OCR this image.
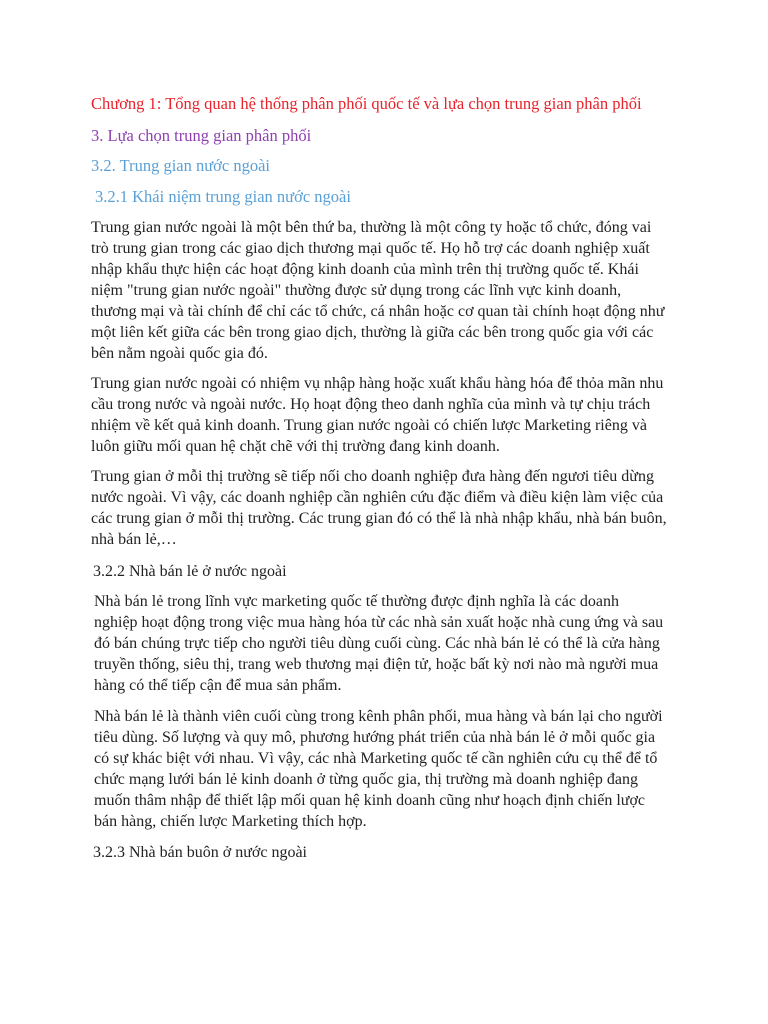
Chương 1: Tổng quan hệ thống phân phối quốc tế và lựa chọn trung gian phân phối
3. Lựa chọn trung gian phân phối
3.2. Trung gian nước ngoài
3.2.1 Khái niệm trung gian nước ngoài
Trung gian nước ngoài là một bên thứ ba, thường là một công ty hoặc tổ chức, đóng vai
trò trung gian trong các giao dịch thương mại quốc tế. Họ hỗ trợ các doanh nghiệp xuất
nhập khẩu thực hiện các hoạt động kinh doanh của mình trên thị trường quốc tế. Khái
niệm "trung gian nước ngoài" thường được sử dụng trong các lĩnh vực kinh doanh,
thương mại và tài chính để chỉ các tổ chức, cá nhân hoặc cơ quan tài chính hoạt động như
một liên kết giữa các bên trong giao dịch, thường là giữa các bên trong quốc gia với các
bên nằm ngoài quốc gia đó.
Trung gian nước ngoài có nhiệm vụ nhập hàng hoặc xuất khẩu hàng hóa để thỏa mãn nhu
cầu trong nước và ngoài nước. Họ hoạt động theo danh nghĩa của mình và tự chịu trách
nhiệm về kết quả kinh doanh. Trung gian nước ngoài có chiến lược Marketing riêng và
luôn giữu mối quan hệ chặt chẽ với thị trường đang kinh doanh.
Trung gian ở mỗi thị trường sẽ tiếp nối cho doanh nghiệp đưa hàng đến ngươi tiêu dừng
nước ngoài. Vì vậy, các doanh nghiệp cần nghiên cứu đặc điểm và điều kiện làm việc của
các trung gian ở mỗi thị trường. Các trung gian đó có thể là nhà nhập khẩu, nhà bán buôn,
nhà bán lẻ,…
3.2.2 Nhà bán lẻ ở nước ngoài
Nhà bán lẻ trong lĩnh vực marketing quốc tế thường được định nghĩa là các doanh
nghiệp hoạt động trong việc mua hàng hóa từ các nhà sản xuất hoặc nhà cung ứng và sau
đó bán chúng trực tiếp cho người tiêu dùng cuối cùng. Các nhà bán lẻ có thể là cửa hàng
truyền thống, siêu thị, trang web thương mại điện tử, hoặc bất kỳ nơi nào mà người mua
hàng có thể tiếp cận để mua sản phẩm.
Nhà bán lẻ là thành viên cuối cùng trong kênh phân phối, mua hàng và bán lại cho người
tiêu dùng. Số lượng và quy mô, phương hướng phát triển của nhà bán lẻ ở mỗi quốc gia
có sự khác biệt với nhau. Vì vậy, các nhà Marketing quốc tế cần nghiên cứu cụ thể để tổ
chức mạng lưới bán lẻ kinh doanh ở từng quốc gia, thị trường mà doanh nghiệp đang
muốn thâm nhập để thiết lập mối quan hệ kinh doanh cũng như hoạch định chiến lược
bán hàng, chiến lược Marketing thích hợp.
3.2.3 Nhà bán buôn ở nước ngoài
